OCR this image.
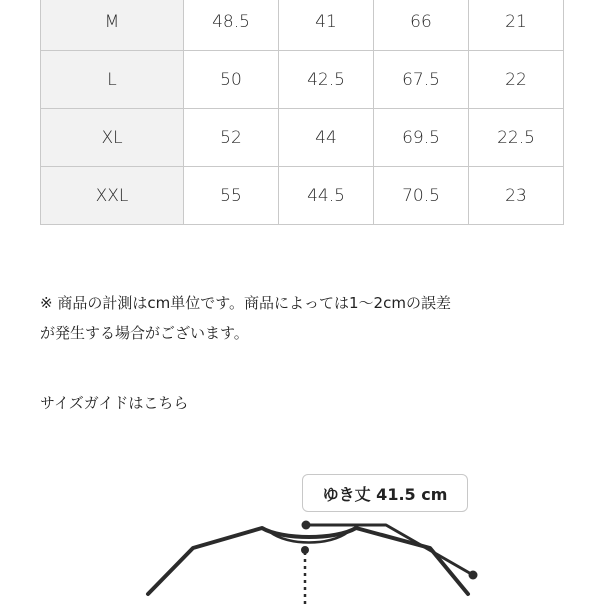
M	48.5	41	66	21
L	50	42.5	67.5	22
XL	52	44	69.5	22.5
XXL	55	44.5	70.5	23
※ 商品の計測はcm単位です。商品によっては1〜2cmの誤差
が発生する場合がございます。
サイズガイドはこちら
ゆき丈 41.5 cm
